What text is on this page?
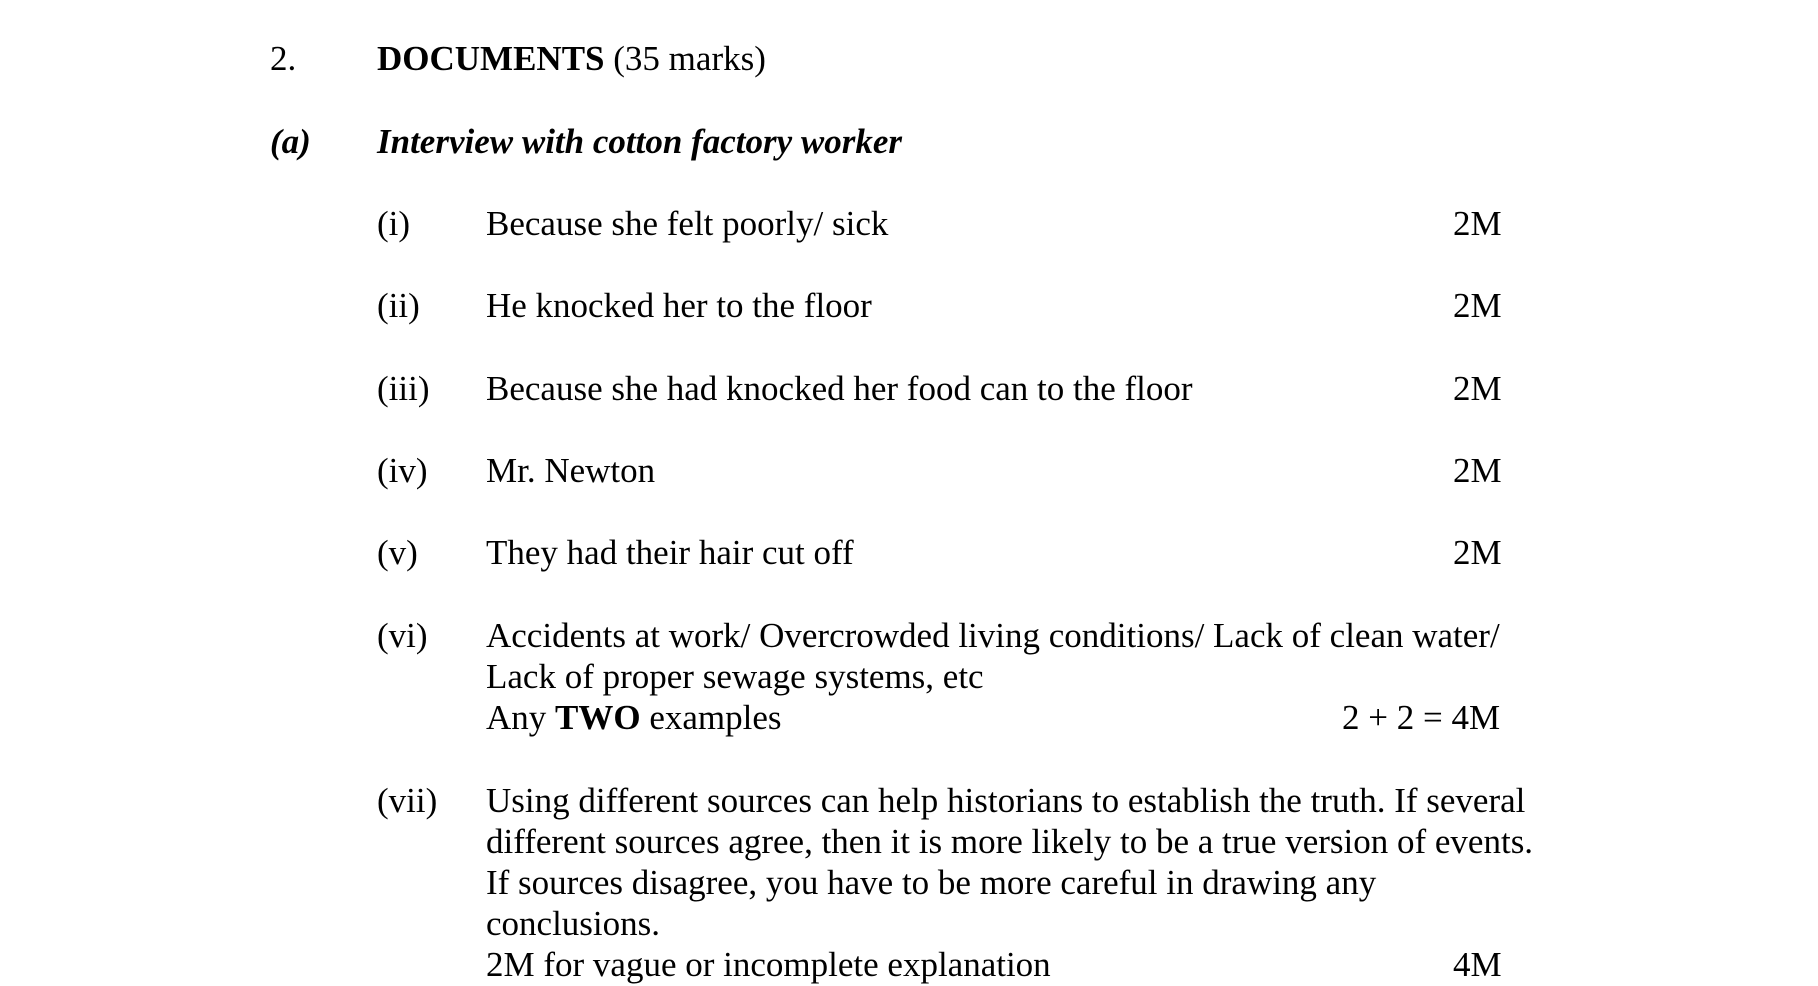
2. DOCUMENTS (35 marks)
(a) Interview with cotton factory worker
(i) Because she felt poorly/ sick	2M
(ii) He knocked her to the floor	2M
(iii) Because she had knocked her food can to the floor	2M
(iv) Mr. Newton	2M
(v) They had their hair cut off	2M
(vi) Accidents at work/ Overcrowded living conditions/ Lack of clean water/
Lack of proper sewage systems, etc
Any TWO examples	2 + 2 = 4M
(vii) Using different sources can help historians to establish the truth. If several
different sources agree, then it is more likely to be a true version of events.
If sources disagree, you have to be more careful in drawing any
conclusions.
2M for vague or incomplete explanation	4M
